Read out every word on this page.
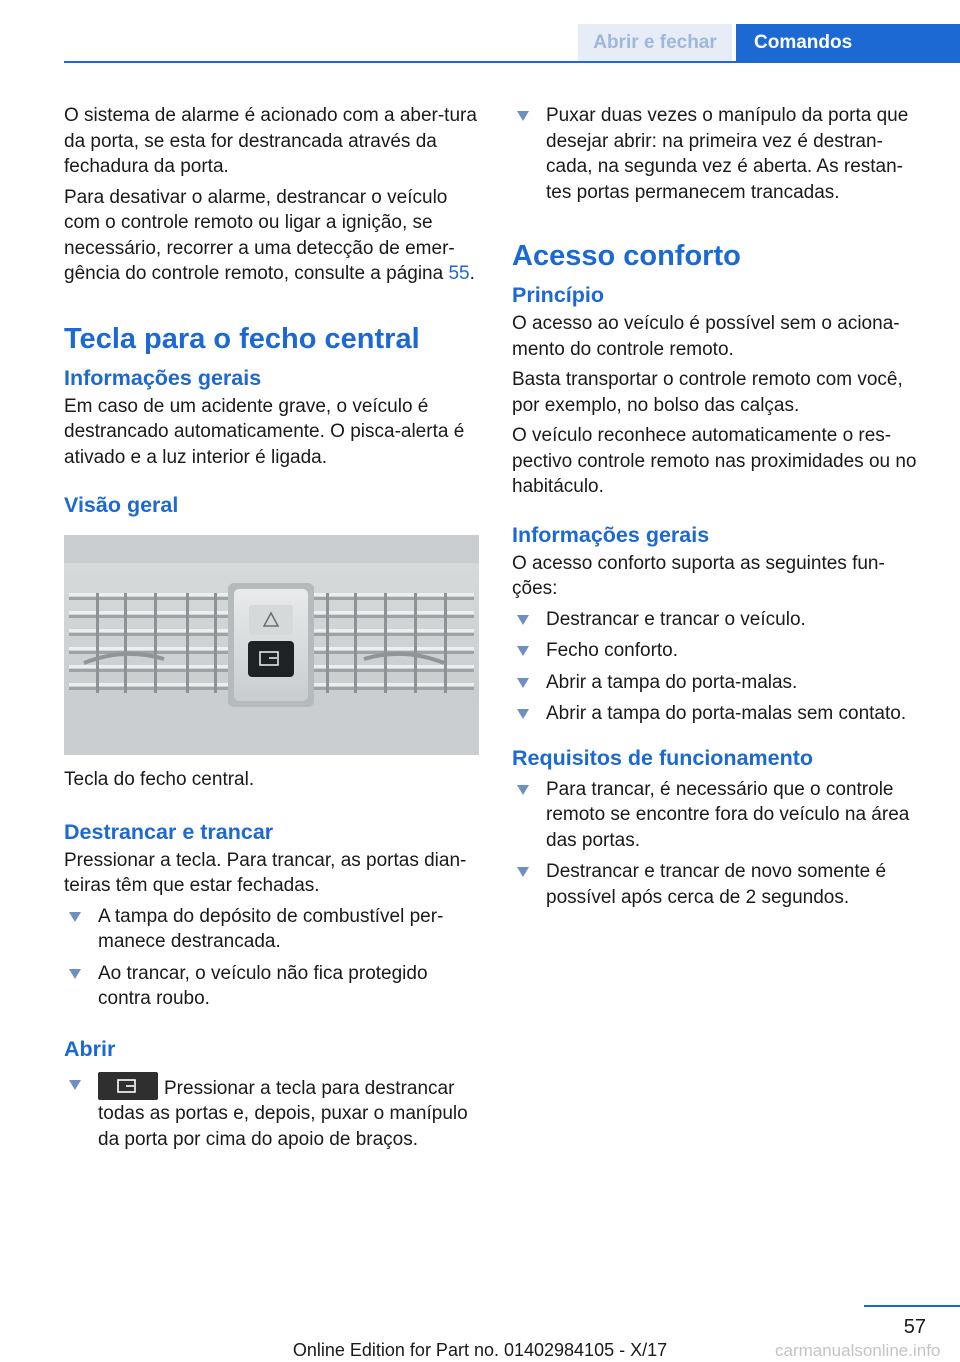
Abrir e fechar	Comandos

O sistema de alarme é acionado com a aber-tura da porta, se esta for destrancada através da fechadura da porta.

Para desativar o alarme, destrancar o veículo com o controle remoto ou ligar a ignição, se necessário, recorrer a uma detecção de emer-gência do controle remoto, consulte a página 55.

Tecla para o fecho central
Informações gerais

Em caso de um acidente grave, o veículo é destrancado automaticamente. O pisca-alerta é ativado e a luz interior é ligada.

Visão geral

Tecla do fecho central.

Destrancar e trancar

Pressionar a tecla. Para trancar, as portas dian-teiras têm que estar fechadas.

A tampa do depósito de combustível per-manece destrancada.
Ao trancar, o veículo não fica protegido contra roubo.
Abrir
Pressionar a tecla para destrancar todas as portas e, depois, puxar o manípulo da porta por cima do apoio de braços.
Puxar duas vezes o manípulo da porta que desejar abrir: na primeira vez é destran-cada, na segunda vez é aberta. As restan-tes portas permanecem trancadas.
Acesso conforto
Princípio

O acesso ao veículo é possível sem o aciona-mento do controle remoto.

Basta transportar o controle remoto com você, por exemplo, no bolso das calças.

O veículo reconhece automaticamente o res-pectivo controle remoto nas proximidades ou no habitáculo.

Informações gerais

O acesso conforto suporta as seguintes fun-ções:

Destrancar e trancar o veículo.
Fecho conforto.
Abrir a tampa do porta-malas.
Abrir a tampa do porta-malas sem contato.
Requisitos de funcionamento
Para trancar, é necessário que o controle remoto se encontre fora do veículo na área das portas.
Destrancar e trancar de novo somente é possível após cerca de 2 segundos.
57
Online Edition for Part no. 01402984105 - X/17	carmanualsonline.info
